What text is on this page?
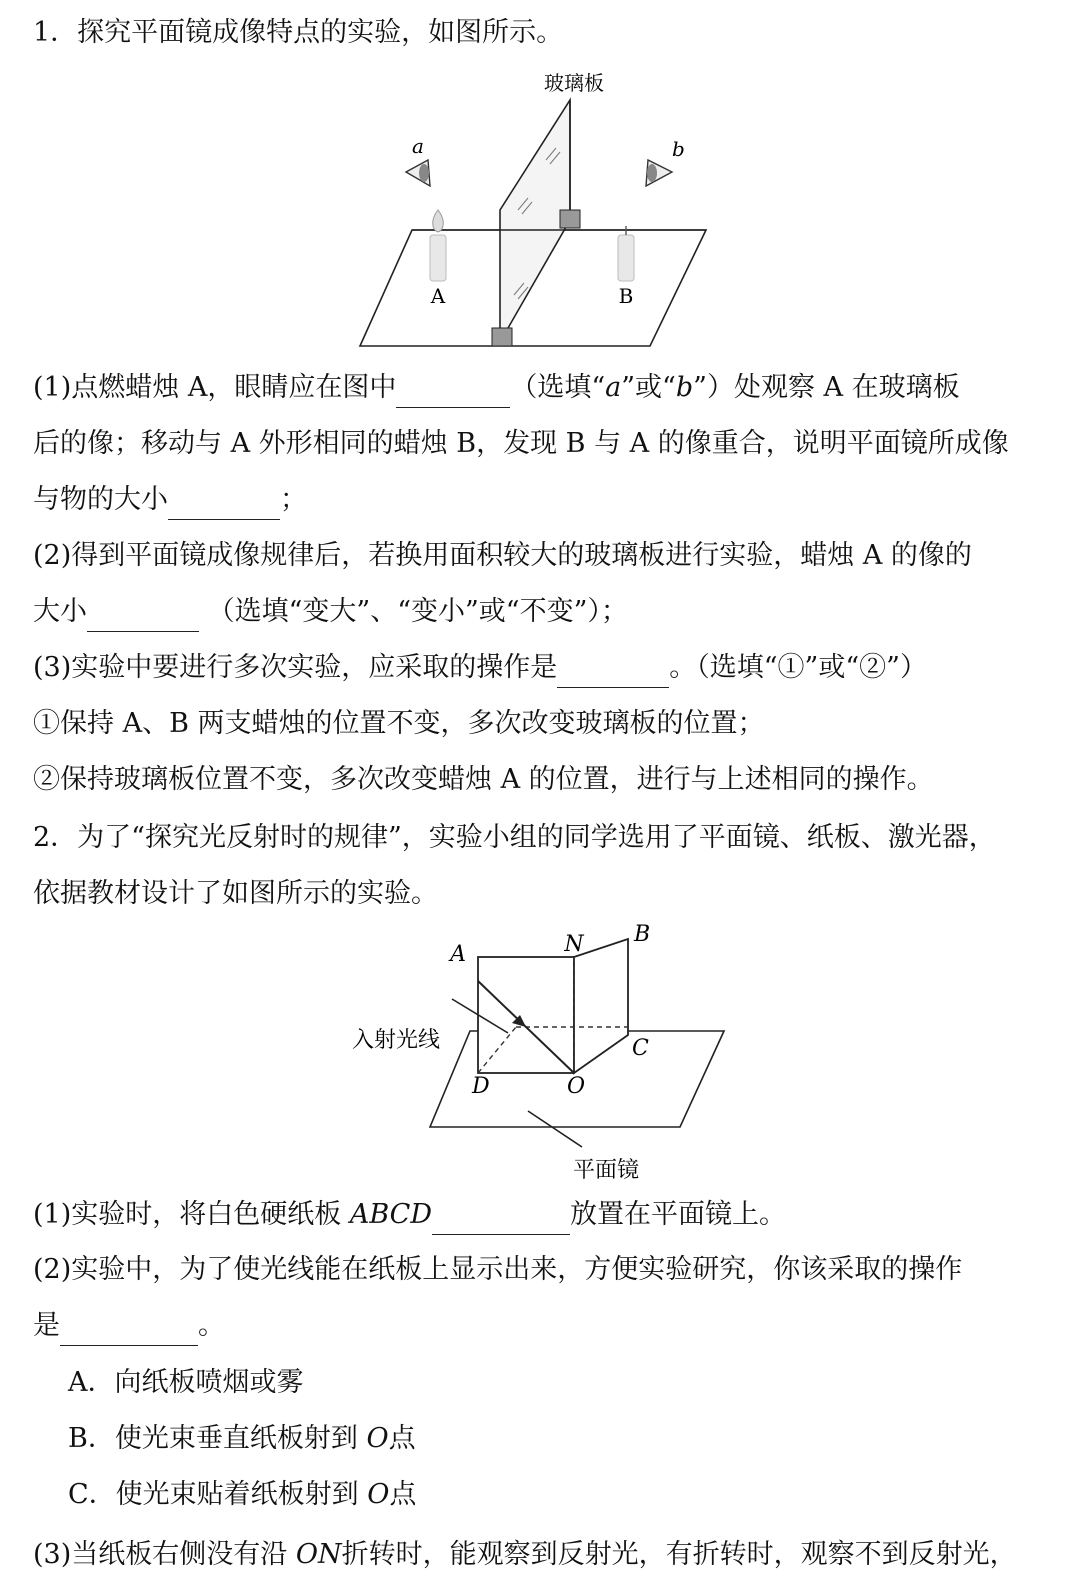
1．探究平面镜成像特点的实验，如图所示。
玻璃板
A	B
a	b
(1)点燃蜡烛 A，眼睛应在图中	（选填“a”或“b”）处观察 A 在玻璃板
后的像；移动与 A 外形相同的蜡烛 B，发现 B 与 A 的像重合，说明平面镜所成像
与物的大小	；
(2)得到平面镜成像规律后，若换用面积较大的玻璃板进行实验，蜡烛 A 的像的
大小	（选填“变大”、“变小”或“不变”）；
(3)实验中要进行多次实验，应采取的操作是	。（选填“①”或“②”）
①保持 A、B 两支蜡烛的位置不变，多次改变玻璃板的位置；
②保持玻璃板位置不变，多次改变蜡烛 A 的位置，进行与上述相同的操作。
2．为了“探究光反射时的规律”，实验小组的同学选用了平面镜、纸板、激光器，
依据教材设计了如图所示的实验。
A	N B
C
D	O
入射光线
平面镜
(1)实验时，将白色硬纸板 ABCD	放置在平面镜上。
(2)实验中，为了使光线能在纸板上显示出来，方便实验研究，你该采取的操作
是	。
A．向纸板喷烟或雾
B．使光束垂直纸板射到 O点
C．使光束贴着纸板射到 O点
(3)当纸板右侧没有沿 ON折转时，能观察到反射光，有折转时，观察不到反射光，
